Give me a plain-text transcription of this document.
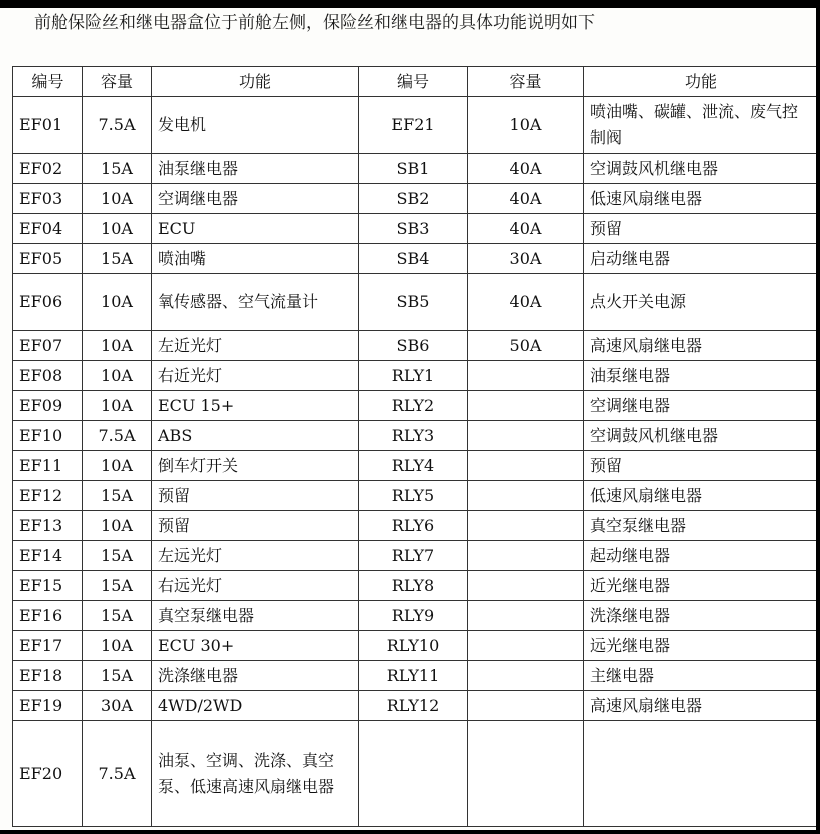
前舱保险丝和继电器盒位于前舱左侧，保险丝和继电器的具体功能说明如下
编号	容量	功能	编号	容量	功能
EF01	7.5A	发电机	EF21	10A	喷油嘴、碳罐、泄流、废气控制阀
EF02	15A	油泵继电器	SB1	40A	空调鼓风机继电器
EF03	10A	空调继电器	SB2	40A	低速风扇继电器
EF04	10A	ECU	SB3	40A	预留
EF05	15A	喷油嘴	SB4	30A	启动继电器
EF06	10A	氧传感器、空气流量计	SB5	40A	点火开关电源
EF07	10A	左近光灯	SB6	50A	高速风扇继电器
EF08	10A	右近光灯	RLY1		油泵继电器
EF09	10A	ECU 15+	RLY2		空调继电器
EF10	7.5A	ABS	RLY3		空调鼓风机继电器
EF11	10A	倒车灯开关	RLY4		预留
EF12	15A	预留	RLY5		低速风扇继电器
EF13	10A	预留	RLY6		真空泵继电器
EF14	15A	左远光灯	RLY7		起动继电器
EF15	15A	右远光灯	RLY8		近光继电器
EF16	15A	真空泵继电器	RLY9		洗涤继电器
EF17	10A	ECU 30+	RLY10		远光继电器
EF18	15A	洗涤继电器	RLY11		主继电器
EF19	30A	4WD/2WD	RLY12		高速风扇继电器
EF20	7.5A	油泵、空调、洗涤、真空泵、低速高速风扇继电器			
